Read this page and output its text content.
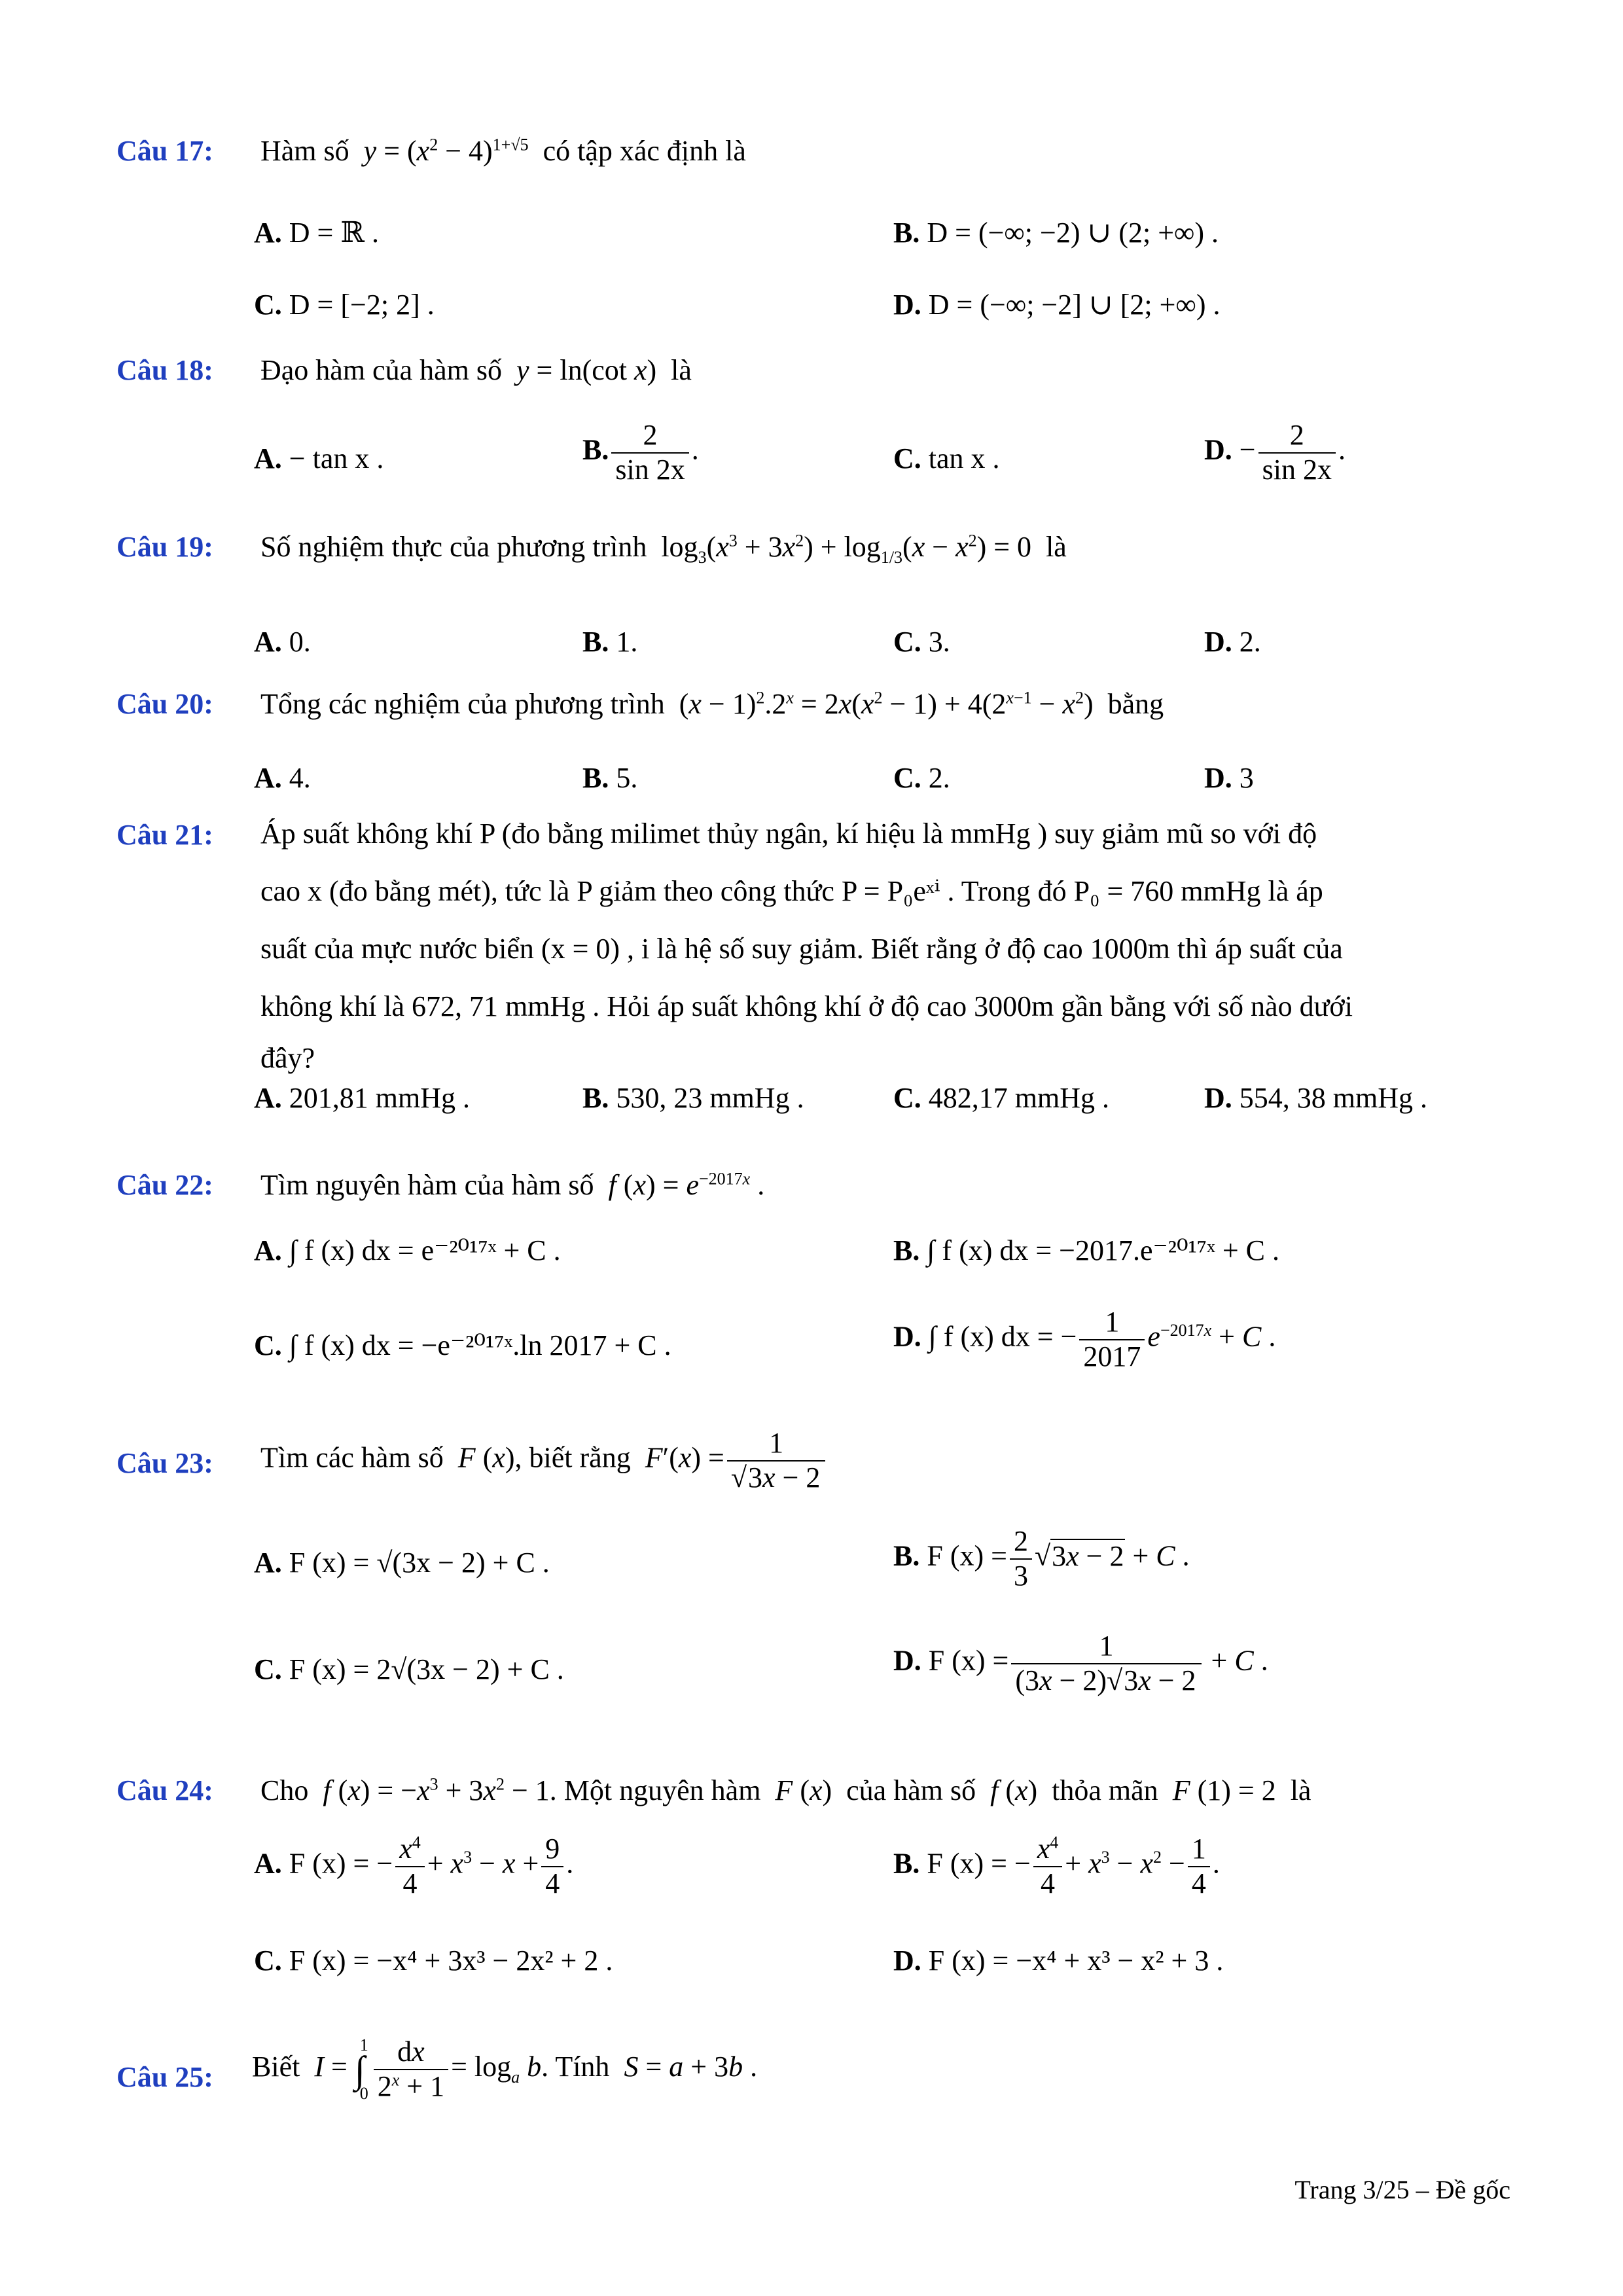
Câu 17: Hàm số $y = (x^2 - 4)^{1+√5}$ có tập xác định là
A. D = ℝ .	B. D = (−∞; −2) ∪ (2; +∞) .
C. D = [−2; 2] .	D. D = (−∞; −2] ∪ [2; +∞) .
Câu 18: Đạo hàm của hàm số y = ln(cot x)  là
A. − tan x .	B. $\frac{2}{\sin 2x}$ .	C. tan x .	D. − $\frac{2}{\sin 2x}$ .
Câu 19: Số nghiệm thực của phương trình  $\log_3(x^3 + 3x^2) + \log_{1/3}(x - x^2) = 0$  là
A. 0.	B. 1.	C. 3.	D. 2.
Câu 20: Tổng các nghiệm của phương trình  $(x - 1)^2.2^x = 2x(x^2 - 1) + 4(2^{x-1} - x^2)$  bằng
A. 4.	B. 5.	C. 2.	D. 3
Câu 21: Áp suất không khí P (đo bằng milimet thủy ngân, kí hiệu là mmHg ) suy giảm mũ so với độ
cao x (đo bằng mét), tức là P giảm theo công thức P = P₀eˣⁱ . Trong đó P₀ = 760 mmHg là áp
suất của mực nước biển (x = 0) , i là hệ số suy giảm. Biết rằng ở độ cao 1000m thì áp suất của
không khí là 672, 71 mmHg . Hỏi áp suất không khí ở độ cao 3000m gần bằng với số nào dưới
đây?
A. 201,81 mmHg .	B. 530, 23 mmHg .	C. 482,17 mmHg .	D. 554, 38 mmHg .
Câu 22: Tìm nguyên hàm của hàm số f $(x) = e^{-2017x}$ .
A. ∫ f (x) dx = e⁻²⁰¹⁷ˣ + C .	B. ∫ f (x) dx = −2017.e⁻²⁰¹⁷ˣ + C .
C. ∫ f (x) dx = −e⁻²⁰¹⁷ˣ.ln 2017 + C .	D. ∫ f (x) dx = − $\frac{1}{2017} e^{-2017x} + C$ .
Câu 23: Tìm các hàm số F (x), biết rằng $F'(x) = \frac{1}{√3x - 2}$
A. F (x) = √(3x − 2) + C .	B. F $(x) = \frac{2}{3} √3x - 2 + C$ .
C. F (x) = 2√(3x − 2) + C .	D. F $(x) = \frac{1}{(3x - 2)√3x - 2} + C$ .
Câu 24: Cho f $(x) = -x^3 + 3x^2 - 1$. Một nguyên hàm F (x)  của hàm số f (x)  thỏa mãn F (1) = 2  là
A. F (x) = − $\frac{x^4}{4} + x^3 - x + \frac{9}{4}$ .	B. F (x) = − $\frac{x^4}{4} + x^3 - x^2 - \frac{1}{4}$ .
C. F (x) = −x⁴ + 3x³ − 2x² + 2 .	D. F (x) = −x⁴ + x³ − x² + 3 .
Câu 25: Biết I = ∫
1
$0 \frac{dx}{2^x + 1} = \log_a b$. Tính S = a + 3b .
Trang 3/25 – Đề gốc
